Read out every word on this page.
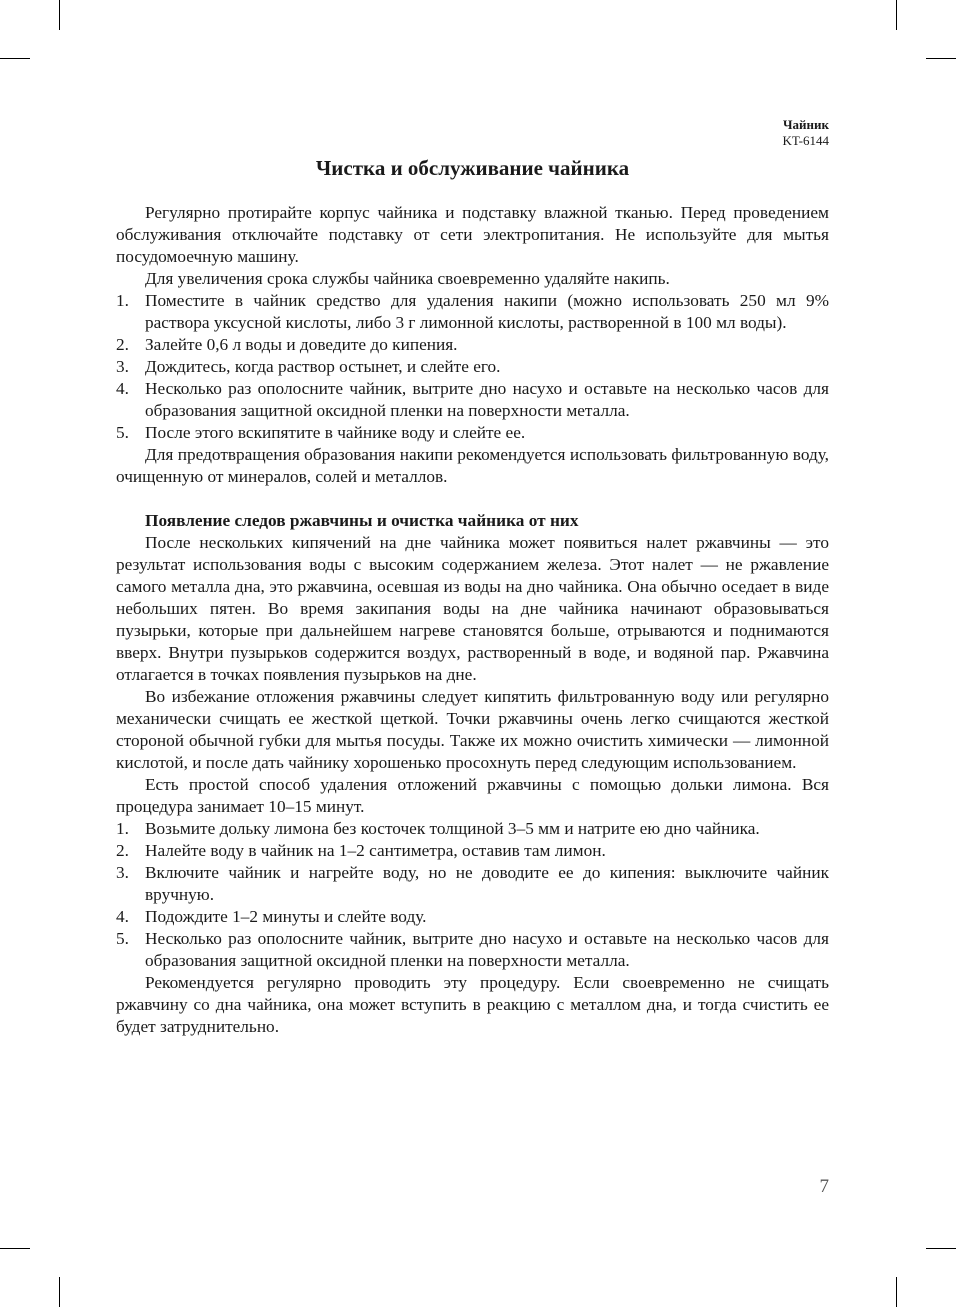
Чайник
KT-6144
Чистка и обслуживание чайника

Регулярно протирайте корпус чайника и подставку влажной тканью. Перед проведением обслуживания отключайте подставку от сети электропитания. Не используйте для мытья посудомоечную машину.

Для увеличения срока службы чайника своевременно удаляйте накипь.

1. Поместите в чайник средство для удаления накипи (можно использовать 250 мл 9% раствора уксусной кислоты, либо 3 г лимонной кислоты, растворенной в 100 мл воды).
2. Залейте 0,6 л воды и доведите до кипения.
3. Дождитесь, когда раствор остынет, и слейте его.
4. Несколько раз ополосните чайник, вытрите дно насухо и оставьте на несколько часов для образования защитной оксидной пленки на поверхности металла.
5. После этого вскипятите в чайнике воду и слейте ее.

Для предотвращения образования накипи рекомендуется использовать фильтрованную воду, очищенную от минералов, солей и металлов.

Появление следов ржавчины и очистка чайника от них

После нескольких кипячений на дне чайника может появиться налет ржавчины — это результат использования воды с высоким содержанием железа. Этот налет — не ржавление самого металла дна, это ржавчина, осевшая из воды на дно чайника. Она обычно оседает в виде небольших пятен. Во время закипания воды на дне чайника начинают образовываться пузырьки, которые при дальнейшем нагреве становятся больше, отрываются и поднимаются вверх. Внутри пузырьков содержится воздух, растворенный в воде, и водяной пар. Ржавчина отлагается в точках появления пузырьков на дне.

Во избежание отложения ржавчины следует кипятить фильтрованную воду или регулярно механически счищать ее жесткой щеткой. Точки ржавчины очень легко счищаются жесткой стороной обычной губки для мытья посуды. Также их можно очистить химически — лимонной кислотой, и после дать чайнику хорошенько просохнуть перед следующим использованием.

Есть простой способ удаления отложений ржавчины с помощью дольки лимона. Вся процедура занимает 10–15 минут.

1. Возьмите дольку лимона без косточек толщиной 3–5 мм и натрите ею дно чайника.
2. Налейте воду в чайник на 1–2 сантиметра, оставив там лимон.
3. Включите чайник и нагрейте воду, но не доводите ее до кипения: выключите чайник вручную.
4. Подождите 1–2 минуты и слейте воду.
5. Несколько раз ополосните чайник, вытрите дно насухо и оставьте на несколько часов для образования защитной оксидной пленки на поверхности металла.

Рекомендуется регулярно проводить эту процедуру. Если своевременно не счищать ржавчину со дна чайника, она может вступить в реакцию с металлом дна, и тогда счистить ее будет затруднительно.

7
